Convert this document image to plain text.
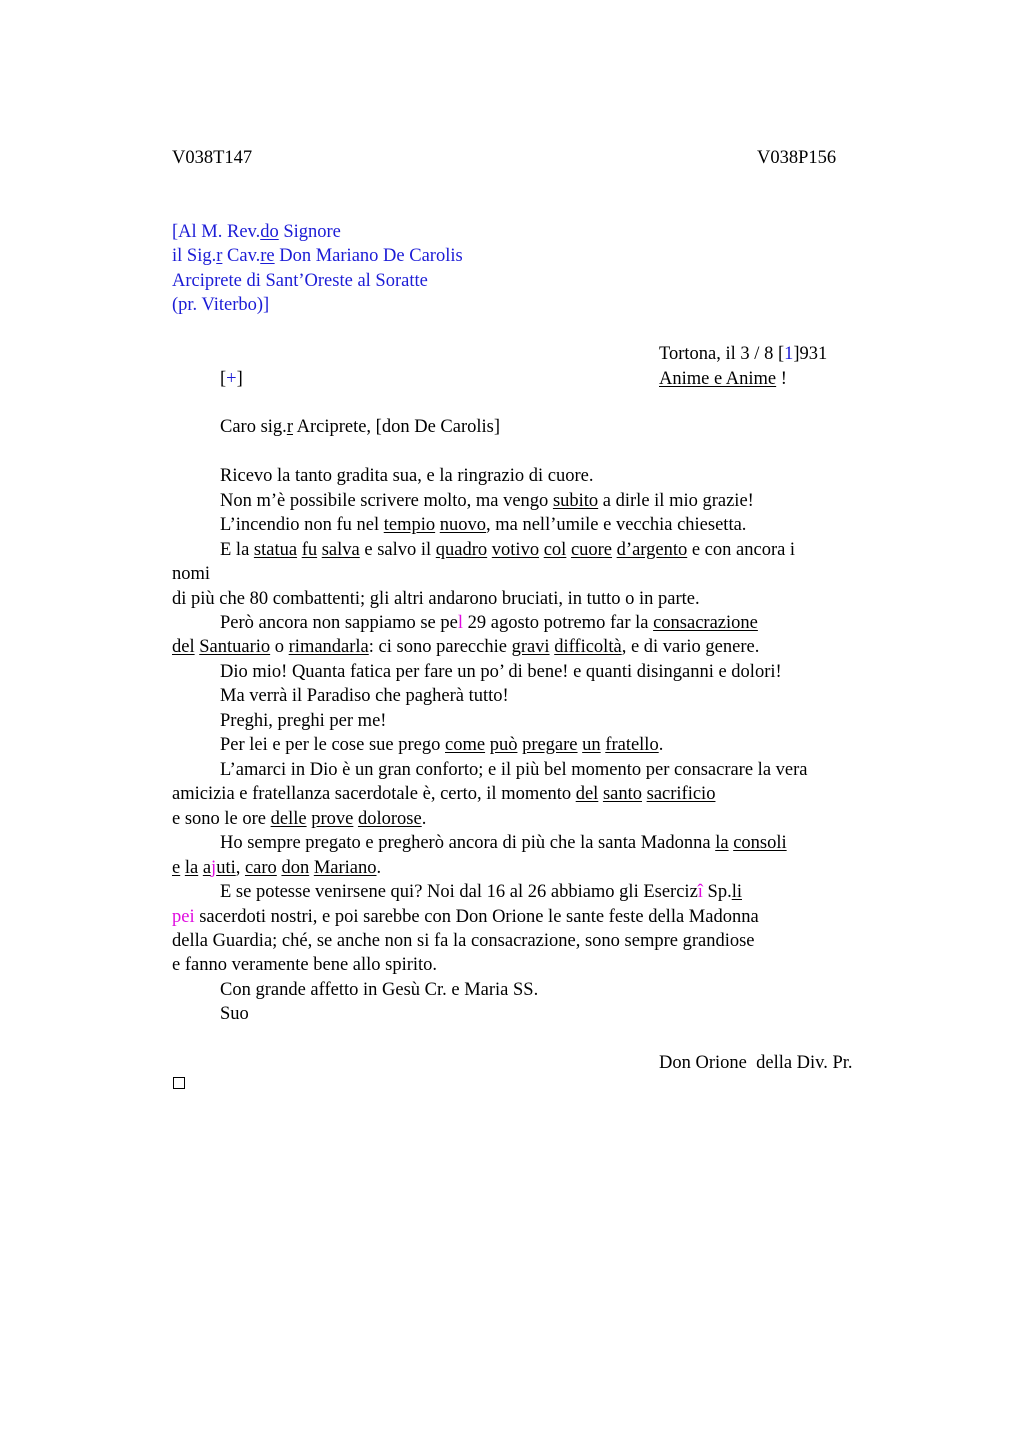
V038T147	V038P156
[Al M. Rev.do Signore
il Sig.r Cav.re Don Mariano De Carolis
Arciprete di Sant’Oreste al Soratte
(pr. Viterbo)]
Tortona, il 3 / 8 [1]931
[+]	Anime e Anime !
Caro sig.r Arciprete, [don De Carolis]
Ricevo la tanto gradita sua, e la ringrazio di cuore.
Non m’è possibile scrivere molto, ma vengo subito a dirle il mio grazie!
L’incendio non fu nel tempio nuovo, ma nell’umile e vecchia chiesetta.
E la statua fu salva e salvo il quadro votivo col cuore d’argento e con ancora i
nomi
di più che 80 combattenti; gli altri andarono bruciati, in tutto o in parte.
Però ancora non sappiamo se pel 29 agosto potremo far la consacrazione
del Santuario o rimandarla: ci sono parecchie gravi difficoltà, e di vario genere.
Dio mio! Quanta fatica per fare un po’ di bene! e quanti disinganni e dolori!
Ma verrà il Paradiso che pagherà tutto!
Preghi, preghi per me!
Per lei e per le cose sue prego come può pregare un fratello.
L’amarci in Dio è un gran conforto; e il più bel momento per consacrare la vera
amicizia e fratellanza sacerdotale è, certo, il momento del santo sacrificio
e sono le ore delle prove dolorose.
Ho sempre pregato e pregherò ancora di più che la santa Madonna la consoli
e la ajuti, caro don Mariano.
E se potesse venirsene qui? Noi dal 16 al 26 abbiamo gli Esercizî Sp.li
pei sacerdoti nostri, e poi sarebbe con Don Orione le sante feste della Madonna
della Guardia; ché, se anche non si fa la consacrazione, sono sempre grandiose
e fanno veramente bene allo spirito.
Con grande affetto in Gesù Cr. e Maria SS.
Suo
Don Orione  della Div. Pr.
